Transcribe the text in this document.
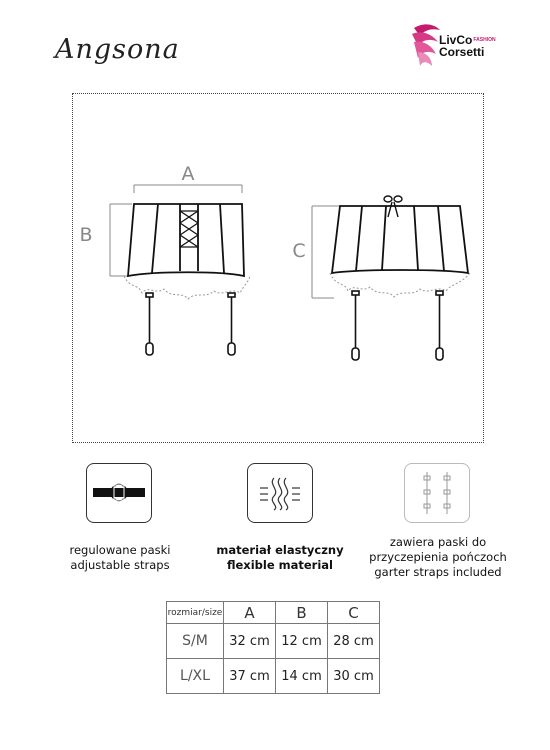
Angsona	LivCo$^{FASHION}$
Corsetti
A
B
C
regulowane paski
adjustable straps
materiał elastyczny
flexible material
zawiera paski do
przyczepienia pończoch
garter straps included
rozmiar/size	A	B	C
S/M	32 cm	12 cm	28 cm
L/XL	37 cm	14 cm	30 cm
